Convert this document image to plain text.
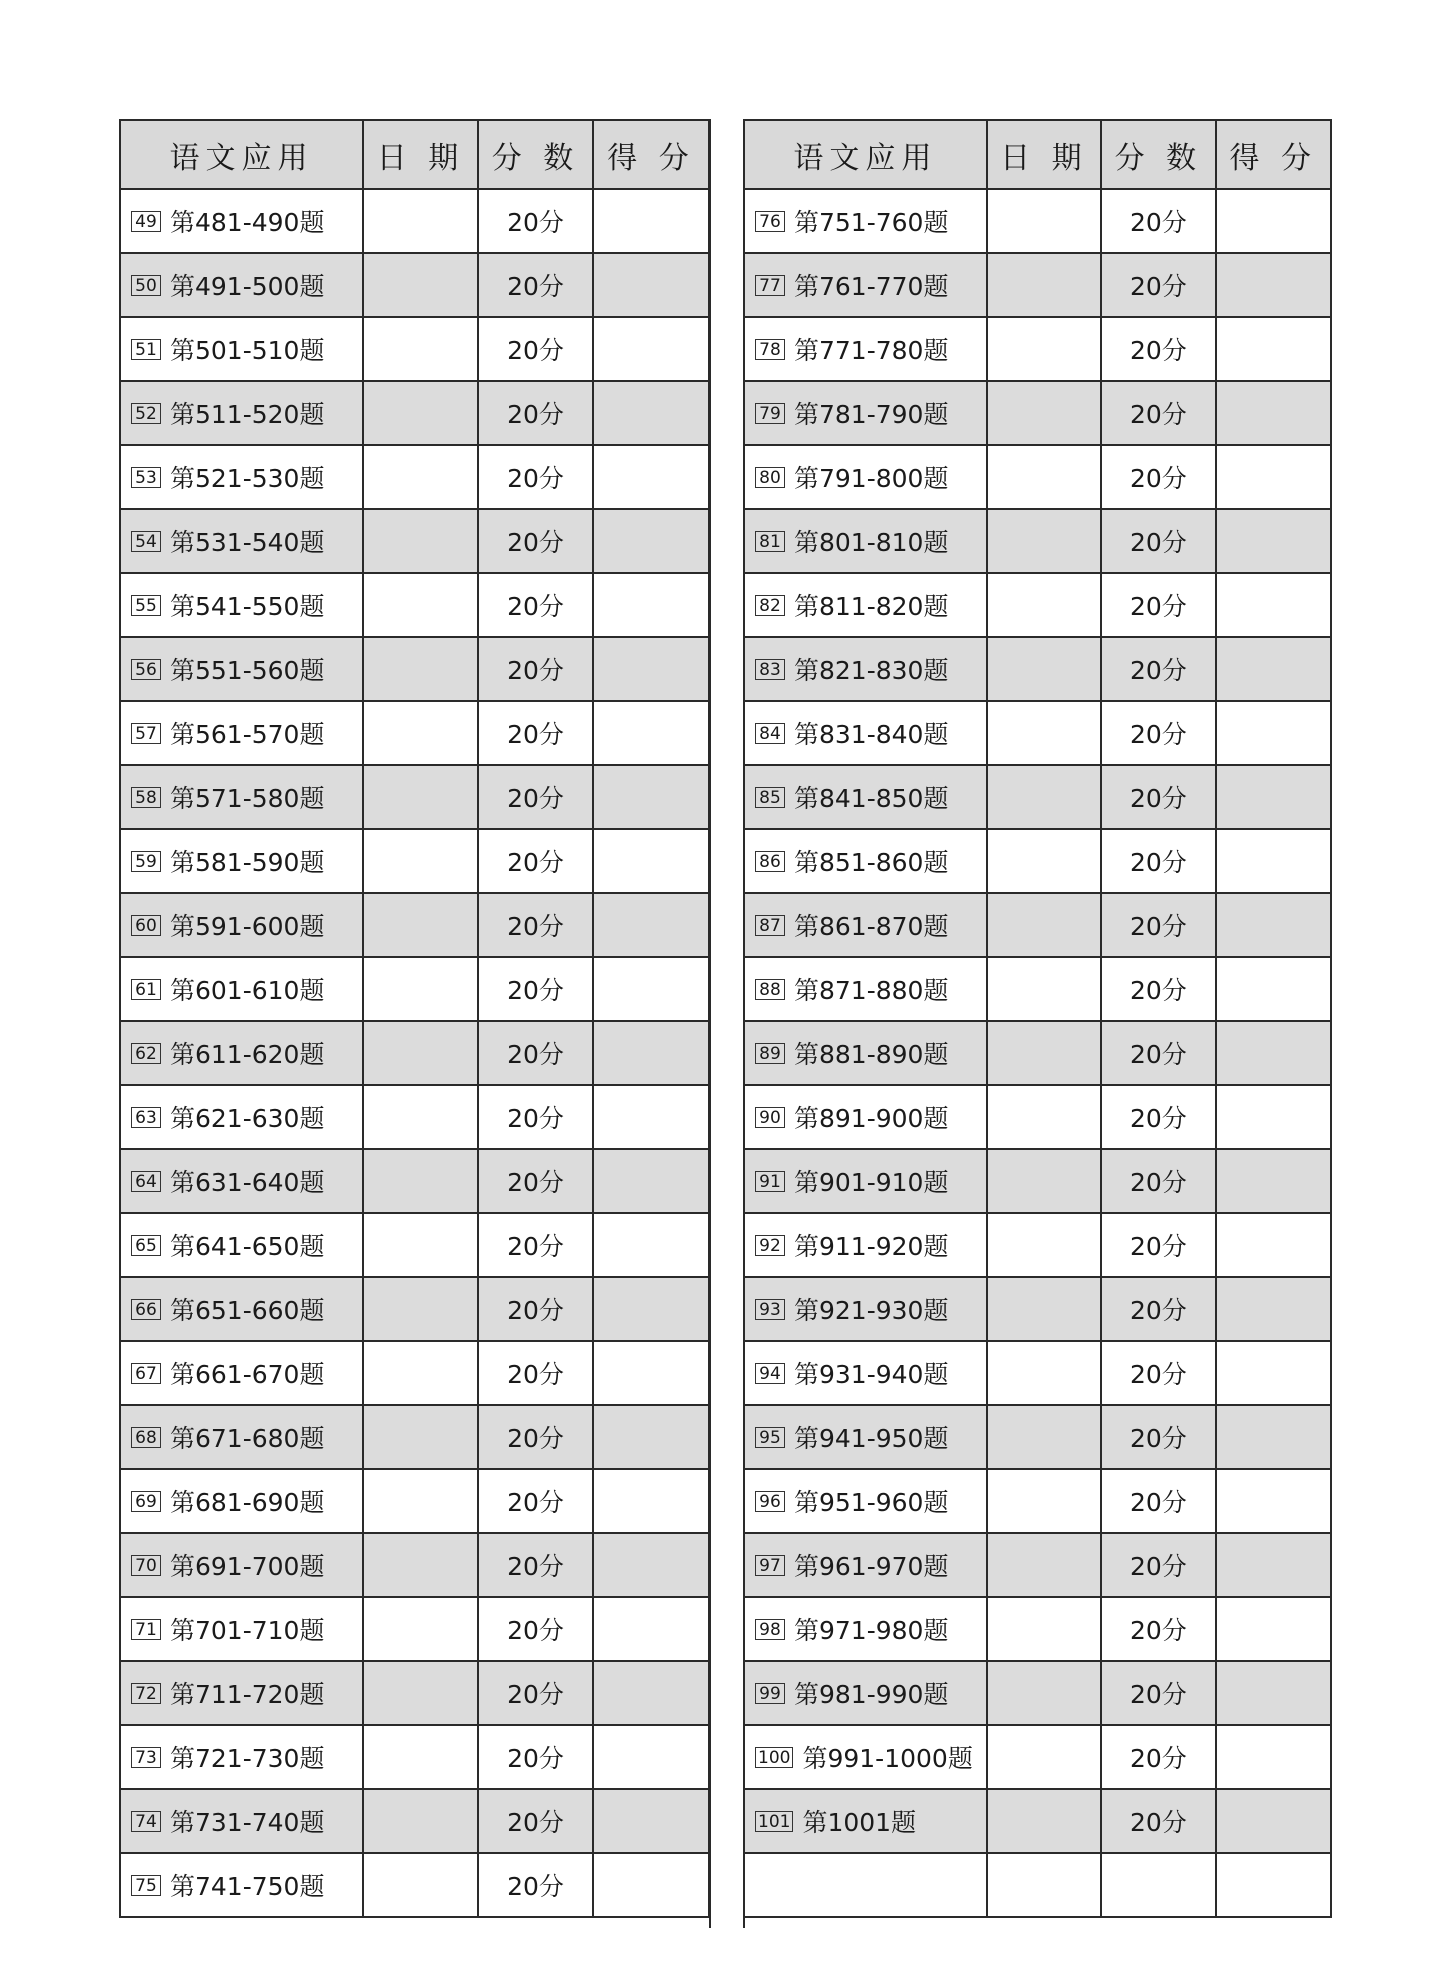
语文应用	日 期	分 数	得 分
49 第481-490题		20分	
50 第491-500题		20分	
51 第501-510题		20分	
52 第511-520题		20分	
53 第521-530题		20分	
54 第531-540题		20分	
55 第541-550题		20分	
56 第551-560题		20分	
57 第561-570题		20分	
58 第571-580题		20分	
59 第581-590题		20分	
60 第591-600题		20分	
61 第601-610题		20分	
62 第611-620题		20分	
63 第621-630题		20分	
64 第631-640题		20分	
65 第641-650题		20分	
66 第651-660题		20分	
67 第661-670题		20分	
68 第671-680题		20分	
69 第681-690题		20分	
70 第691-700题		20分	
71 第701-710题		20分	
72 第711-720题		20分	
73 第721-730题		20分	
74 第731-740题		20分	
75 第741-750题		20分	
语文应用	日 期	分 数	得 分
76 第751-760题		20分	
77 第761-770题		20分	
78 第771-780题		20分	
79 第781-790题		20分	
80 第791-800题		20分	
81 第801-810题		20分	
82 第811-820题		20分	
83 第821-830题		20分	
84 第831-840题		20分	
85 第841-850题		20分	
86 第851-860题		20分	
87 第861-870题		20分	
88 第871-880题		20分	
89 第881-890题		20分	
90 第891-900题		20分	
91 第901-910题		20分	
92 第911-920题		20分	
93 第921-930题		20分	
94 第931-940题		20分	
95 第941-950题		20分	
96 第951-960题		20分	
97 第961-970题		20分	
98 第971-980题		20分	
99 第981-990题		20分	
100 第991-1000题		20分	
101 第1001题		20分	
